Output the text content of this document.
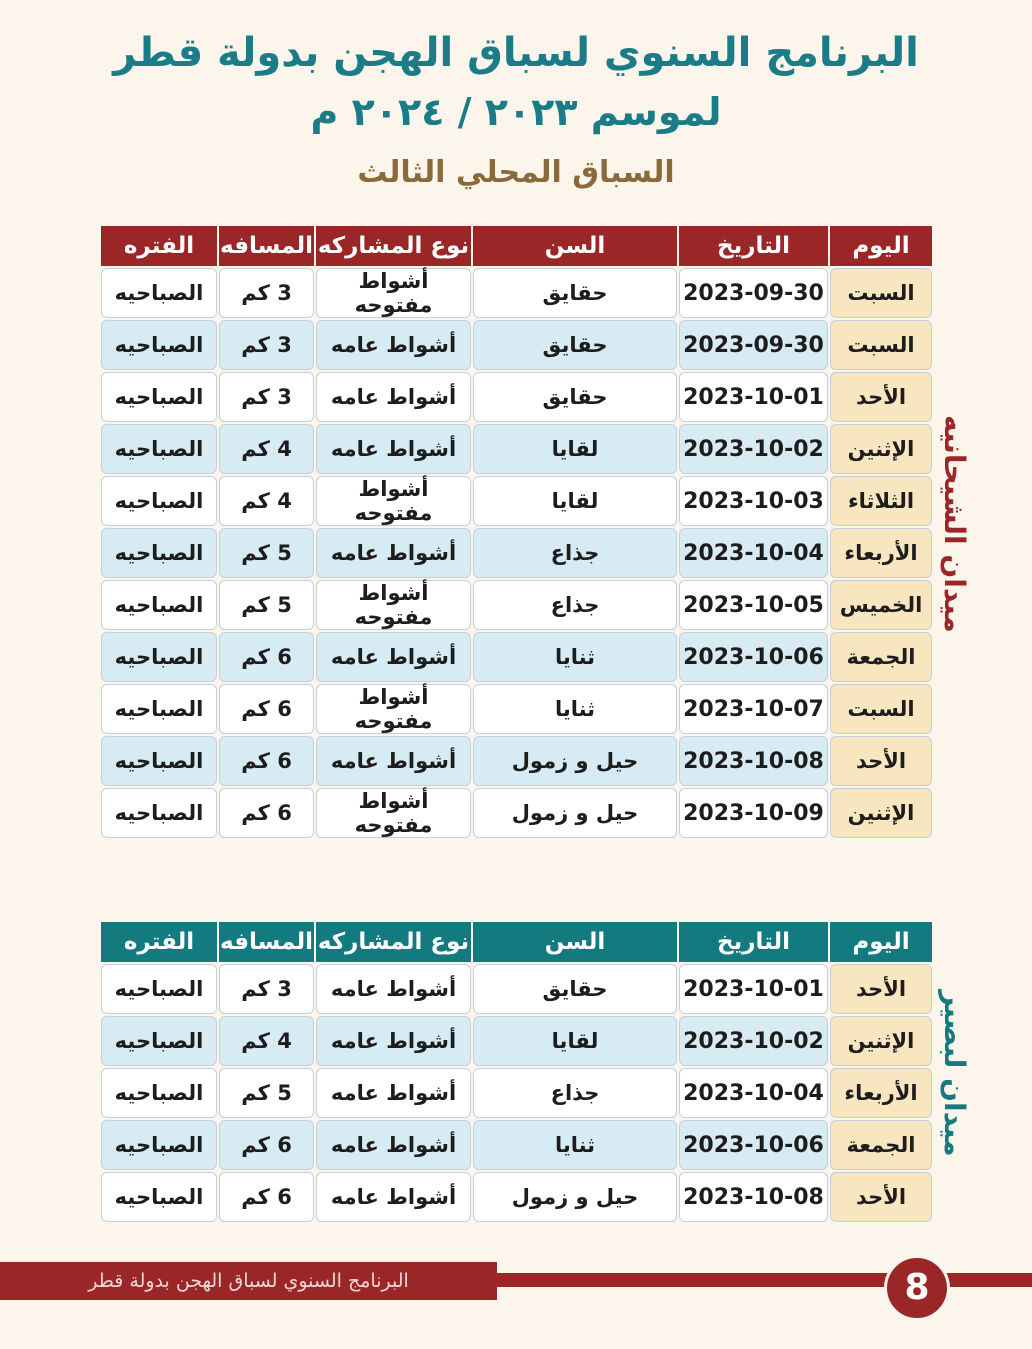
البرنامج السنوي لسباق الهجن بدولة قطر
لموسم ٢٠٢٣ / ٢٠٢٤ م
السباق المحلي الثالث
اليوم	التاريخ	السن	نوع المشاركه	المسافه	الفتره
السبت	2023-09-30	حقايق	أشواط مفتوحه	3 كم	الصباحيه
السبت	2023-09-30	حقايق	أشواط عامه	3 كم	الصباحيه
الأحد	2023-10-01	حقايق	أشواط عامه	3 كم	الصباحيه
الإثنين	2023-10-02	لقايا	أشواط عامه	4 كم	الصباحيه
الثلاثاء	2023-10-03	لقايا	أشواط مفتوحه	4 كم	الصباحيه
الأربعاء	2023-10-04	جذاع	أشواط عامه	5 كم	الصباحيه
الخميس	2023-10-05	جذاع	أشواط مفتوحه	5 كم	الصباحيه
الجمعة	2023-10-06	ثنايا	أشواط عامه	6 كم	الصباحيه
السبت	2023-10-07	ثنايا	أشواط مفتوحه	6 كم	الصباحيه
الأحد	2023-10-08	حيل و زمول	أشواط عامه	6 كم	الصباحيه
الإثنين	2023-10-09	حيل و زمول	أشواط مفتوحه	6 كم	الصباحيه
ميدان الشيحانيه
اليوم	التاريخ	السن	نوع المشاركه	المسافه	الفتره
الأحد	2023-10-01	حقايق	أشواط عامه	3 كم	الصباحيه
الإثنين	2023-10-02	لقايا	أشواط عامه	4 كم	الصباحيه
الأربعاء	2023-10-04	جذاع	أشواط عامه	5 كم	الصباحيه
الجمعة	2023-10-06	ثنايا	أشواط عامه	6 كم	الصباحيه
الأحد	2023-10-08	حيل و زمول	أشواط عامه	6 كم	الصباحيه
ميدان لبصير
البرنامج السنوي لسباق الهجن بدولة قطر	8
